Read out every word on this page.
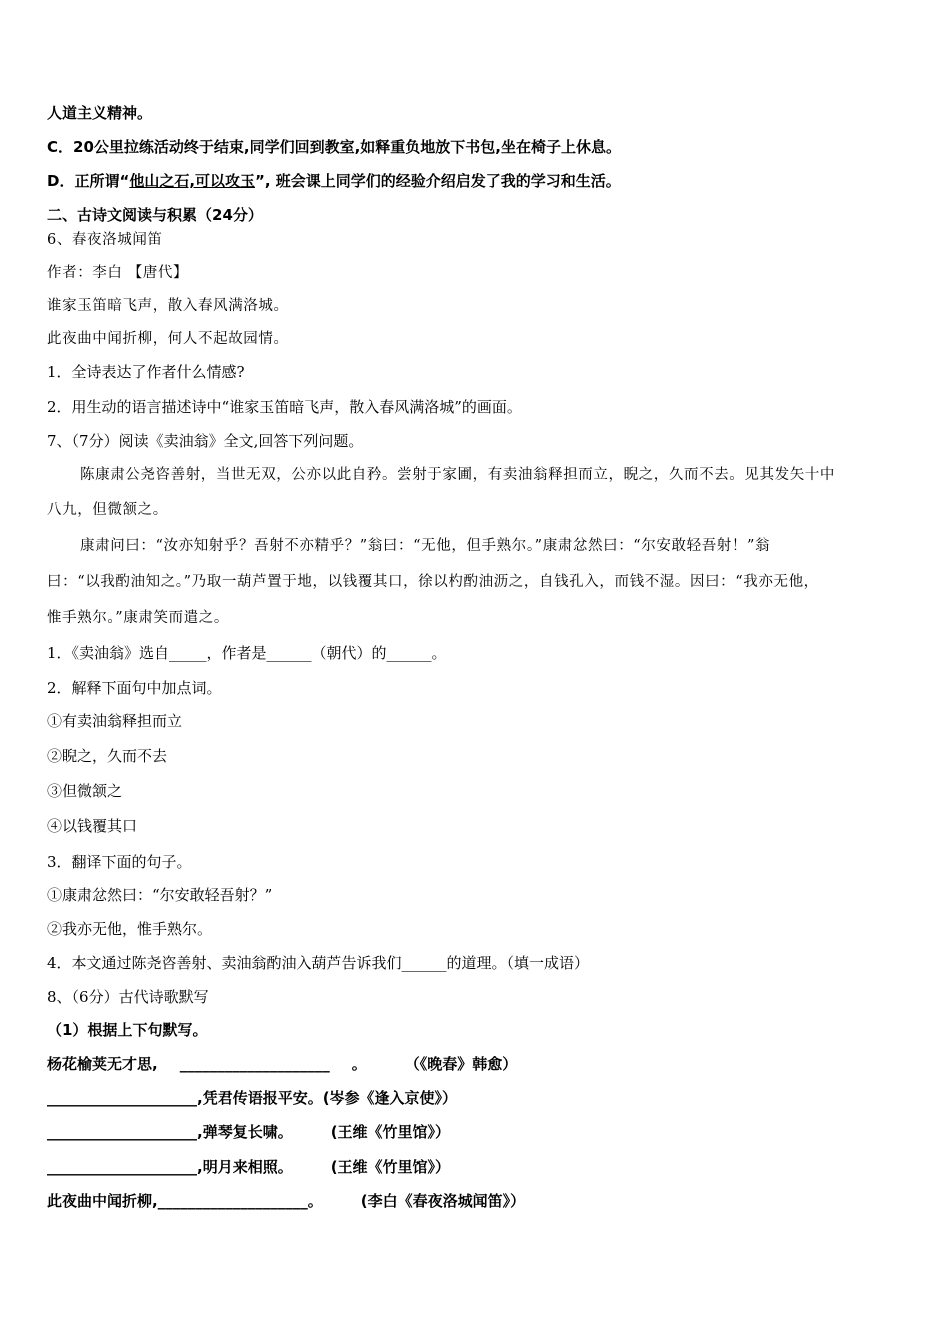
人道主义精神。
C．20公里拉练活动终于结束,同学们回到教室,如释重负地放下书包,坐在椅子上休息。
D．正所谓“他山之石,可以攻玉”, 班会课上同学们的经验介绍启发了我的学习和生活。
二、古诗文阅读与积累（24分）
6、春夜洛城闻笛
作者：李白 【唐代】
谁家玉笛暗飞声，散入春风满洛城。
此夜曲中闻折柳，何人不起故园情。
1．全诗表达了作者什么情感?
2．用生动的语言描述诗中“谁家玉笛暗飞声，散入春风满洛城”的画面。
7、（7分）阅读《卖油翁》全文,回答下列问题。
陈康肃公尧咨善射，当世无双，公亦以此自矜。尝射于家圃，有卖油翁释担而立，睨之，久而不去。见其发矢十中
八九，但微颔之。
康肃问曰：“汝亦知射乎？吾射不亦精乎？”翁曰：“无他，但手熟尔。”康肃忿然曰：“尔安敢轻吾射！”翁
曰：“以我酌油知之。”乃取一葫芦置于地，以钱覆其口，徐以杓酌油沥之，自钱孔入，而钱不湿。因曰：“我亦无他，
惟手熟尔。”康肃笑而遣之。
1．《卖油翁》选自_____，作者是______（朝代）的______。
2．解释下面句中加点词。
①有卖油翁释担而立
②睨之，久而不去
③但微颔之
④以钱覆其口
3．翻译下面的句子。
①康肃忿然曰：“尔安敢轻吾射？”
②我亦无他，惟手熟尔。
4．本文通过陈尧咨善射、卖油翁酌油入葫芦告诉我们______的道理。（填一成语）
8、（6分）古代诗歌默写
（1）根据上下句默写。
杨花榆荚无才思, ____________________ 。	（《晚春》韩愈）
____________________,凭君传语报平安。(岑参《逢入京使》）
____________________,弹琴复长啸。	(王维《竹里馆》）
____________________,明月来相照。	(王维《竹里馆》）
此夜曲中闻折柳,____________________。	(李白《春夜洛城闻笛》）
